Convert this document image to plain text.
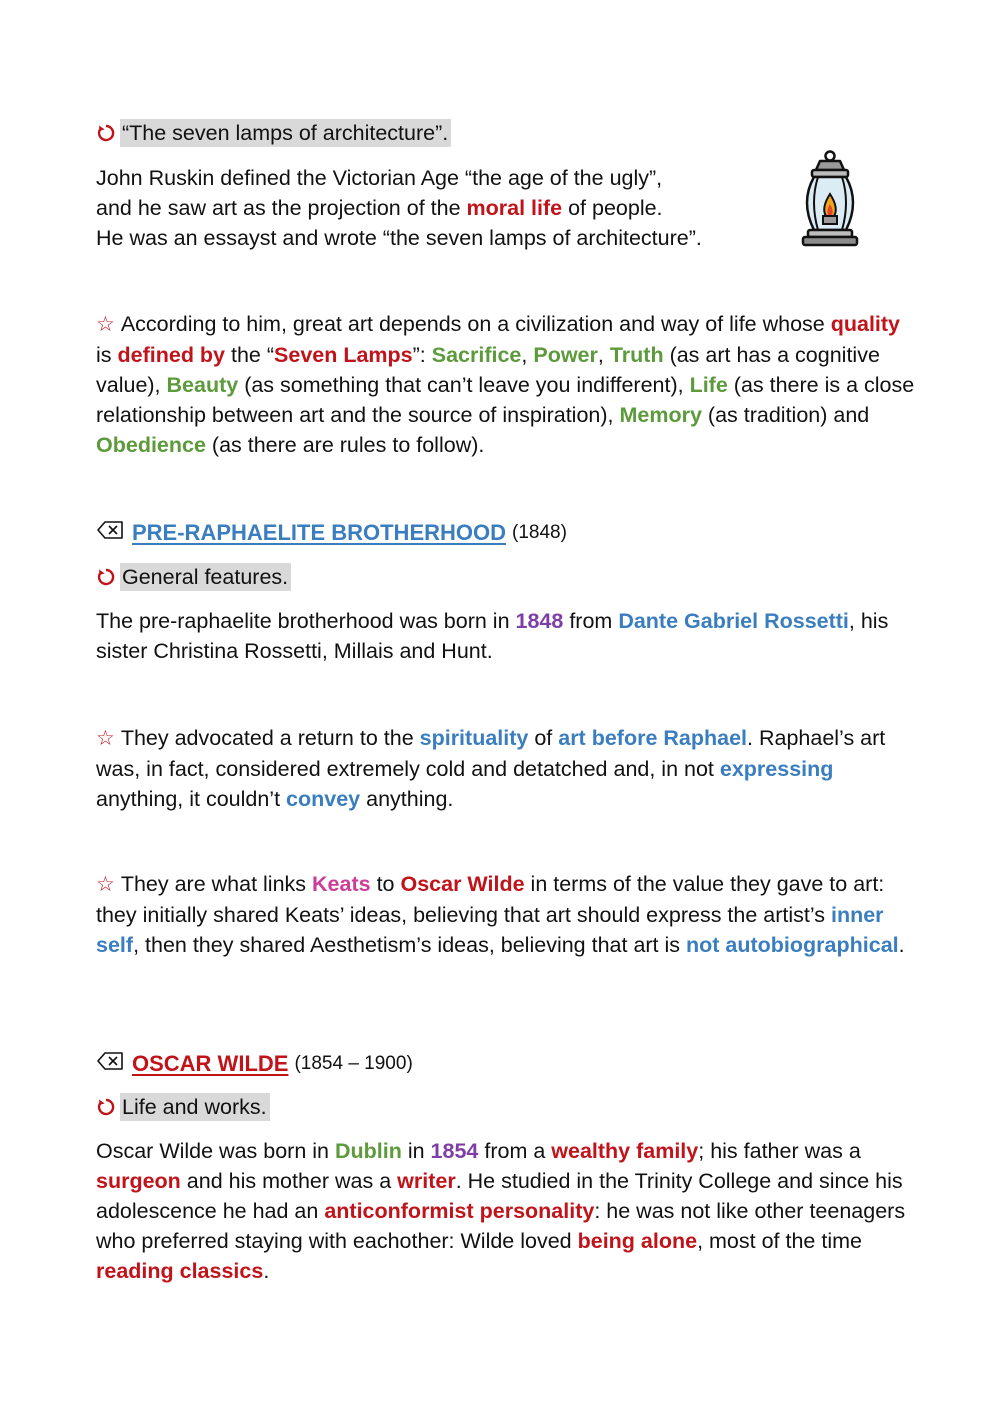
“The seven lamps of architecture”.

John Ruskin defined the Victorian Age “the age of the ugly”,

and he saw art as the projection of the moral life of people.

He was an essayst and wrote “the seven lamps of architecture”.

☆ According to him, great art depends on a civilization and way of life whose quality is defined by the “Seven Lamps”: Sacrifice, Power, Truth (as art has a cognitive value), Beauty (as something that can’t leave you indifferent), Life (as there is a close relationship between art and the source of inspiration), Memory (as tradition) and Obedience (as there are rules to follow).

PRE-RAPHAELITE BROTHERHOOD (1848)
General features.

The pre-raphaelite brotherhood was born in 1848 from Dante Gabriel Rossetti, his sister Christina Rossetti, Millais and Hunt.

☆ They advocated a return to the spirituality of art before Raphael. Raphael’s art was, in fact, considered extremely cold and detatched and, in not expressing anything, it couldn’t convey anything.

☆ They are what links Keats to Oscar Wilde in terms of the value they gave to art: they initially shared Keats’ ideas, believing that art should express the artist’s inner self, then they shared Aesthetism’s ideas, believing that art is not autobiographical.

OSCAR WILDE (1854 – 1900)
Life and works.

Oscar Wilde was born in Dublin in 1854 from a wealthy family; his father was a surgeon and his mother was a writer. He studied in the Trinity College and since his adolescence he had an anticonformist personality: he was not like other teenagers who preferred staying with eachother: Wilde loved being alone, most of the time reading classics.
